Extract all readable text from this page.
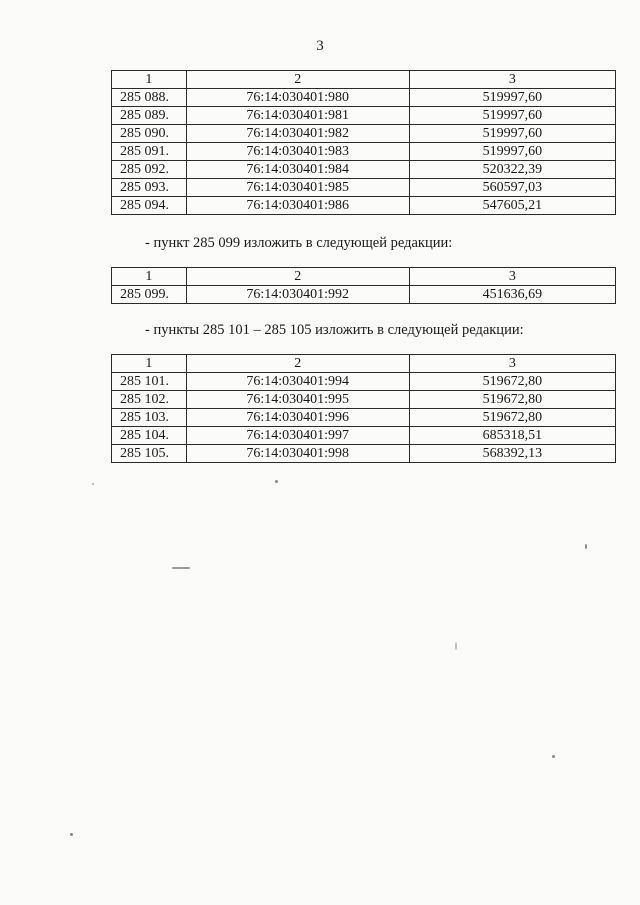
3
1	2	3
285 088.	76:14:030401:980	519997,60
285 089.	76:14:030401:981	519997,60
285 090.	76:14:030401:982	519997,60
285 091.	76:14:030401:983	519997,60
285 092.	76:14:030401:984	520322,39
285 093.	76:14:030401:985	560597,03
285 094.	76:14:030401:986	547605,21
- пункт 285 099 изложить в следующей редакции:
1	2	3
285 099.	76:14:030401:992	451636,69
- пункты 285 101 – 285 105 изложить в следующей редакции:
1	2	3
285 101.	76:14:030401:994	519672,80
285 102.	76:14:030401:995	519672,80
285 103.	76:14:030401:996	519672,80
285 104.	76:14:030401:997	685318,51
285 105.	76:14:030401:998	568392,13
